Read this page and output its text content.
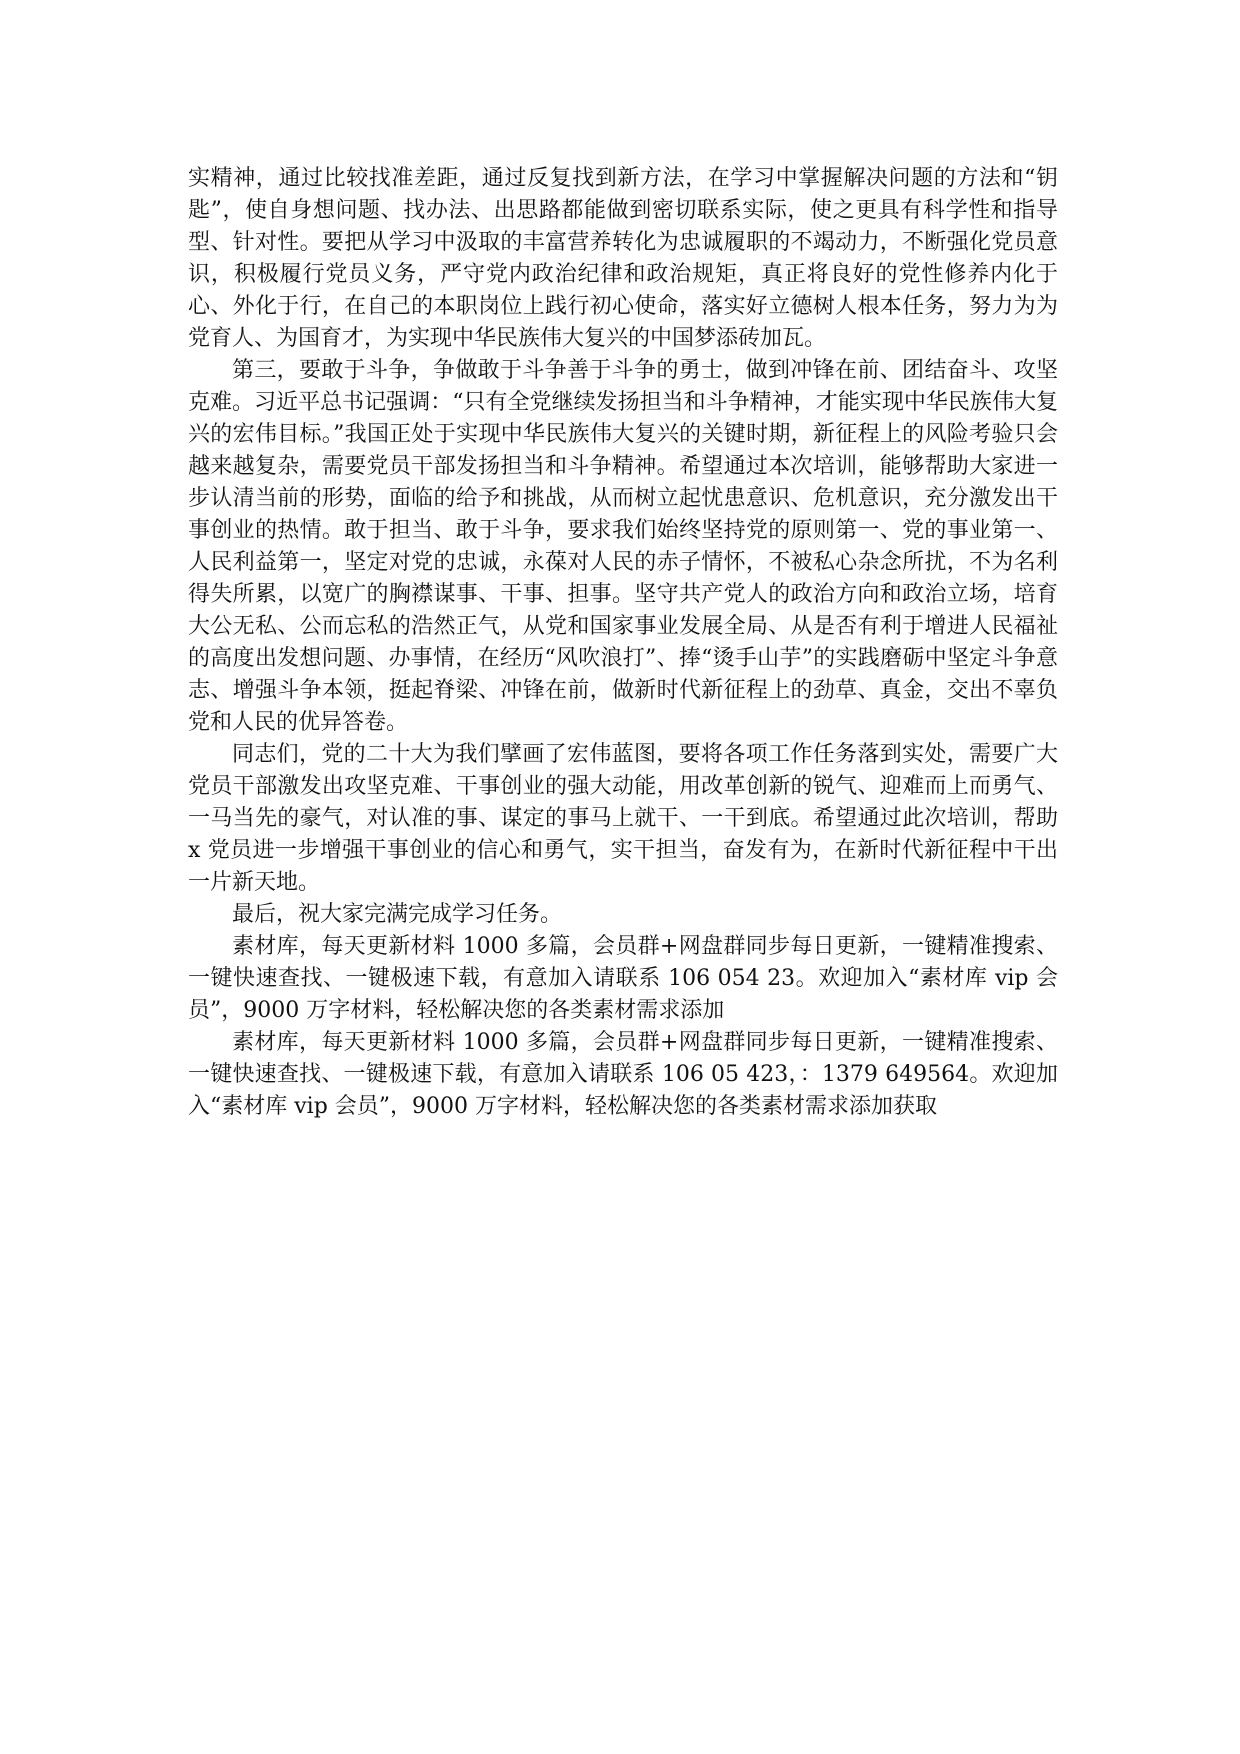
实精神，通过比较找准差距，通过反复找到新方法，在学习中掌握解决问题的方法和“钥匙”，使自身想问题、找办法、出思路都能做到密切联系实际，使之更具有科学性和指导型、针对性。要把从学习中汲取的丰富营养转化为忠诚履职的不竭动力，不断强化党员意识，积极履行党员义务，严守党内政治纪律和政治规矩，真正将良好的党性修养内化于心、外化于行，在自己的本职岗位上践行初心使命，落实好立德树人根本任务，努力为为党育人、为国育才，为实现中华民族伟大复兴的中国梦添砖加瓦。

第三，要敢于斗争，争做敢于斗争善于斗争的勇士，做到冲锋在前、团结奋斗、攻坚克难。习近平总书记强调：“只有全党继续发扬担当和斗争精神，才能实现中华民族伟大复兴的宏伟目标。”我国正处于实现中华民族伟大复兴的关键时期，新征程上的风险考验只会越来越复杂，需要党员干部发扬担当和斗争精神。希望通过本次培训，能够帮助大家进一步认清当前的形势，面临的给予和挑战，从而树立起忧患意识、危机意识，充分激发出干事创业的热情。敢于担当、敢于斗争，要求我们始终坚持党的原则第一、党的事业第一、人民利益第一，坚定对党的忠诚，永葆对人民的赤子情怀，不被私心杂念所扰，不为名利得失所累，以宽广的胸襟谋事、干事、担事。坚守共产党人的政治方向和政治立场，培育大公无私、公而忘私的浩然正气，从党和国家事业发展全局、从是否有利于增进人民福祉的高度出发想问题、办事情，在经历“风吹浪打”、捧“烫手山芋”的实践磨砺中坚定斗争意志、增强斗争本领，挺起脊梁、冲锋在前，做新时代新征程上的劲草、真金，交出不辜负党和人民的优异答卷。

同志们，党的二十大为我们擘画了宏伟蓝图，要将各项工作任务落到实处，需要广大党员干部激发出攻坚克难、干事创业的强大动能，用改革创新的锐气、迎难而上而勇气、一马当先的豪气，对认准的事、谋定的事马上就干、一干到底。希望通过此次培训，帮助 x 党员进一步增强干事创业的信心和勇气，实干担当，奋发有为，在新时代新征程中干出一片新天地。

最后，祝大家完满完成学习任务。

素材库，每天更新材料 1000 多篇，会员群+网盘群同步每日更新，一键精准搜索、一键快速查找、一键极速下载，有意加入请联系 106 054 23。欢迎加入“素材库 vip 会员”，9000 万字材料，轻松解决您的各类素材需求添加

素材库，每天更新材料 1000 多篇，会员群+网盘群同步每日更新，一键精准搜索、一键快速查找、一键极速下载，有意加入请联系 106 05 423，：1379 649564。欢迎加入“素材库 vip 会员”，9000 万字材料，轻松解决您的各类素材需求添加获取
